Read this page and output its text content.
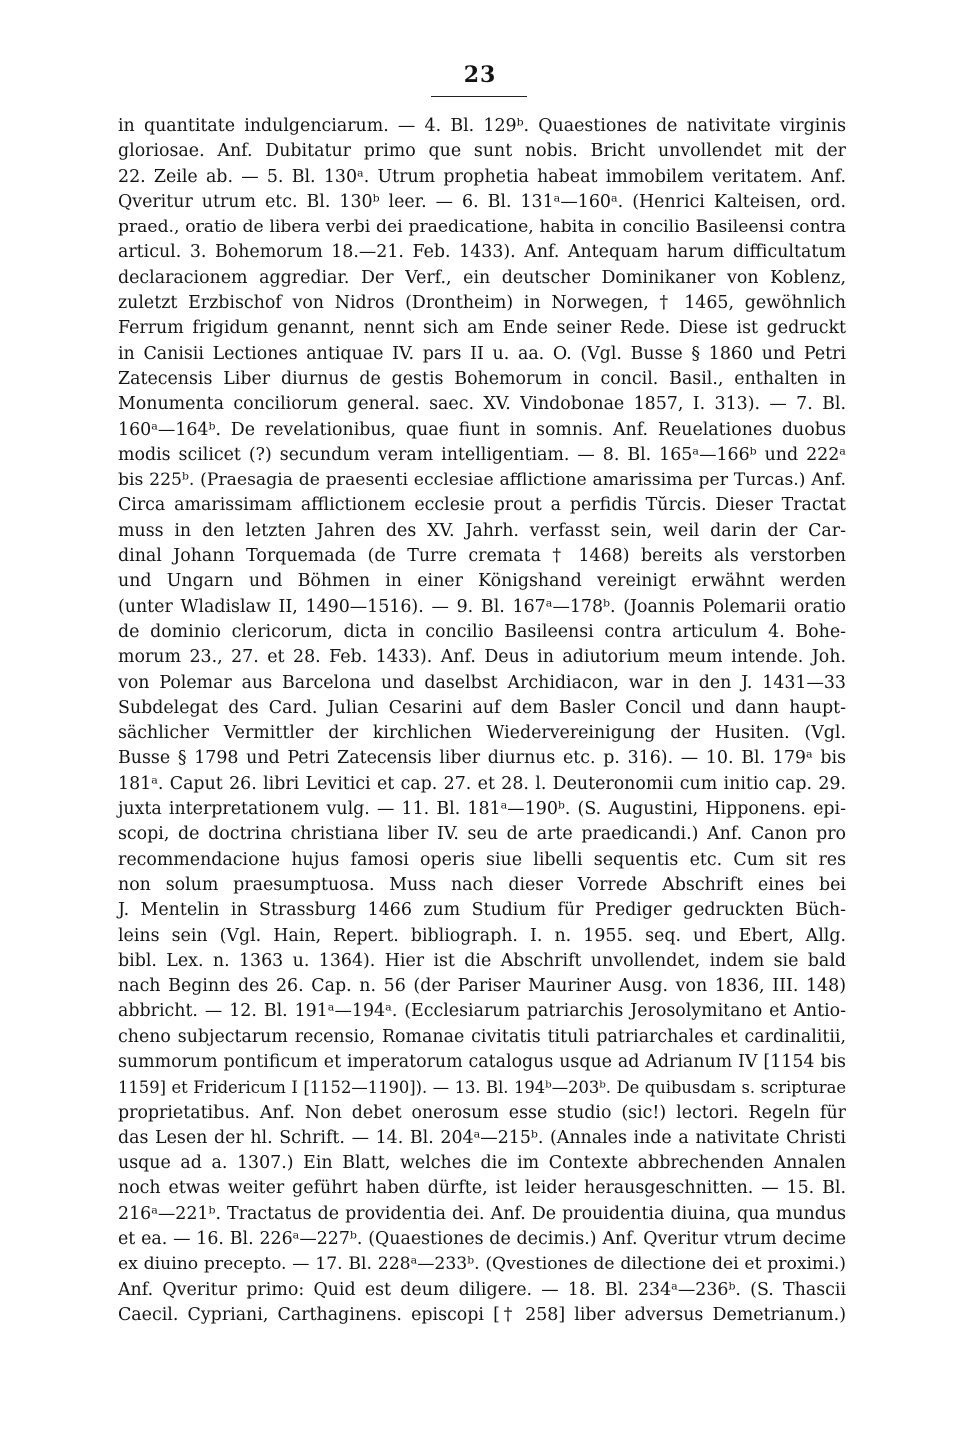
23
in quantitate indulgenciarum. — 4. Bl. 129ᵇ. Quaestiones de nativitate virginis
gloriosae. Anf. Dubitatur primo que sunt nobis. Bricht unvollendet mit der
22. Zeile ab. — 5. Bl. 130ᵃ. Utrum prophetia habeat immobilem veritatem. Anf.
Qveritur utrum etc. Bl. 130ᵇ leer. — 6. Bl. 131ᵃ—160ᵃ. (Henrici Kalteisen, ord.
praed., oratio de libera verbi dei praedicatione, habita in concilio Basileensi contra
articul. 3. Bohemorum 18.—21. Feb. 1433). Anf. Antequam harum difficultatum
declaracionem aggrediar. Der Verf., ein deutscher Dominikaner von Koblenz,
zuletzt Erzbischof von Nidros (Drontheim) in Norwegen, † 1465, gewöhnlich
Ferrum frigidum genannt, nennt sich am Ende seiner Rede. Diese ist gedruckt
in Canisii Lectiones antiquae IV. pars II u. aa. O. (Vgl. Busse § 1860 und Petri
Zatecensis Liber diurnus de gestis Bohemorum in concil. Basil., enthalten in
Monumenta conciliorum general. saec. XV. Vindobonae 1857, I. 313). — 7. Bl.
160ᵃ—164ᵇ. De revelationibus, quae fiunt in somnis. Anf. Reuelationes duobus
modis scilicet (?) secundum veram intelligentiam. — 8. Bl. 165ᵃ—166ᵇ und 222ᵃ
bis 225ᵇ. (Praesagia de praesenti ecclesiae afflictione amarissima per Turcas.) Anf.
Circa amarissimam afflictionem ecclesie prout a perfidis Tŭrcis. Dieser Tractat
muss in den letzten Jahren des XV. Jahrh. verfasst sein, weil darin der Car-
dinal Johann Torquemada (de Turre cremata † 1468) bereits als verstorben
und Ungarn und Böhmen in einer Königshand vereinigt erwähnt werden
(unter Wladislaw II, 1490—1516). — 9. Bl. 167ᵃ—178ᵇ. (Joannis Polemarii oratio
de dominio clericorum, dicta in concilio Basileensi contra articulum 4. Bohe-
morum 23., 27. et 28. Feb. 1433). Anf. Deus in adiutorium meum intende. Joh.
von Polemar aus Barcelona und daselbst Archidiacon, war in den J. 1431—33
Subdelegat des Card. Julian Cesarini auf dem Basler Concil und dann haupt-
sächlicher Vermittler der kirchlichen Wiedervereinigung der Husiten. (Vgl.
Busse § 1798 und Petri Zatecensis liber diurnus etc. p. 316). — 10. Bl. 179ᵃ bis
181ᵃ. Caput 26. libri Levitici et cap. 27. et 28. l. Deuteronomii cum initio cap. 29.
juxta interpretationem vulg. — 11. Bl. 181ᵃ—190ᵇ. (S. Augustini, Hipponens. epi-
scopi, de doctrina christiana liber IV. seu de arte praedicandi.) Anf. Canon pro
recommendacione hujus famosi operis siue libelli sequentis etc. Cum sit res
non solum praesumptuosa. Muss nach dieser Vorrede Abschrift eines bei
J. Mentelin in Strassburg 1466 zum Studium für Prediger gedruckten Büch-
leins sein (Vgl. Hain, Repert. bibliograph. I. n. 1955. seq. und Ebert, Allg.
bibl. Lex. n. 1363 u. 1364). Hier ist die Abschrift unvollendet, indem sie bald
nach Beginn des 26. Cap. n. 56 (der Pariser Mauriner Ausg. von 1836, III. 148)
abbricht. — 12. Bl. 191ᵃ—194ᵃ. (Ecclesiarum patriarchis Jerosolymitano et Antio-
cheno subjectarum recensio, Romanae civitatis tituli patriarchales et cardinalitii,
summorum pontificum et imperatorum catalogus usque ad Adrianum IV [1154 bis
1159] et Fridericum I [1152—1190]). — 13. Bl. 194ᵇ—203ᵇ. De quibusdam s. scripturae
proprietatibus. Anf. Non debet onerosum esse studio (sic!) lectori. Regeln für
das Lesen der hl. Schrift. — 14. Bl. 204ᵃ—215ᵇ. (Annales inde a nativitate Christi
usque ad a. 1307.) Ein Blatt, welches die im Contexte abbrechenden Annalen
noch etwas weiter geführt haben dürfte, ist leider herausgeschnitten. — 15. Bl.
216ᵃ—221ᵇ. Tractatus de providentia dei. Anf. De prouidentia diuina, qua mundus
et ea. — 16. Bl. 226ᵃ—227ᵇ. (Quaestiones de decimis.) Anf. Qveritur vtrum decime
ex diuino precepto. — 17. Bl. 228ᵃ—233ᵇ. (Qvestiones de dilectione dei et proximi.)
Anf. Qveritur primo: Quid est deum diligere. — 18. Bl. 234ᵃ—236ᵇ. (S. Thascii
Caecil. Cypriani, Carthaginens. episcopi [† 258] liber adversus Demetrianum.)
